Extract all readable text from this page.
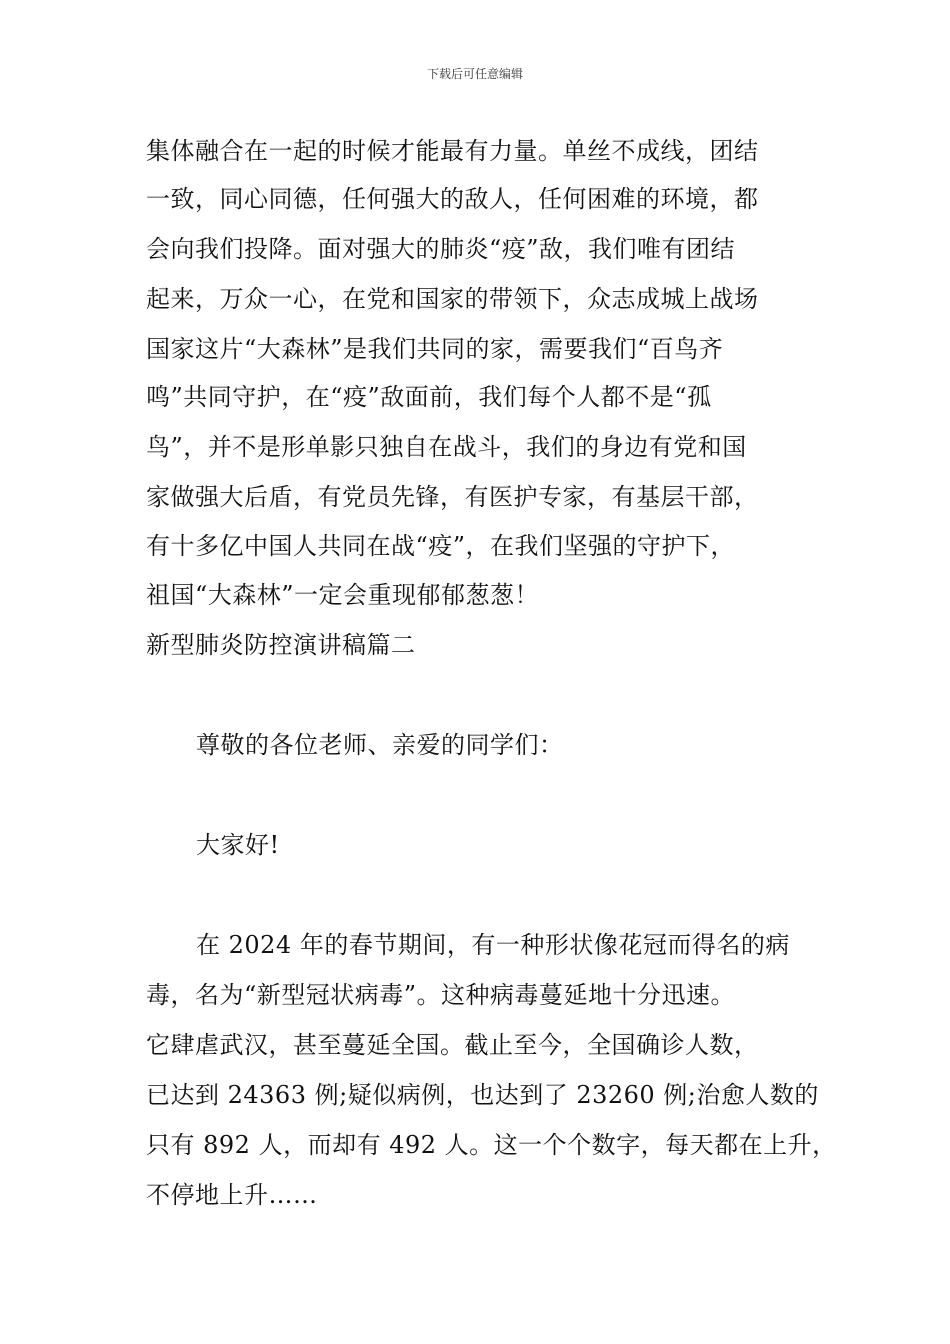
下载后可任意编辑
集体融合在一起的时候才能最有力量。单丝不成线，团结
一致，同心同德，任何强大的敌人，任何困难的环境，都
会向我们投降。面对强大的肺炎“疫”敌，我们唯有团结
起来，万众一心，在党和国家的带领下，众志成城上战场
国家这片“大森林”是我们共同的家，需要我们“百鸟齐
鸣”共同守护，在“疫”敌面前，我们每个人都不是“孤
鸟”，并不是形单影只独自在战斗，我们的身边有党和国
家做强大后盾，有党员先锋，有医护专家，有基层干部，
有十多亿中国人共同在战“疫”，在我们坚强的守护下，
祖国“大森林”一定会重现郁郁葱葱！
新型肺炎防控演讲稿篇二
尊敬的各位老师、亲爱的同学们：
大家好!
在 2024 年的春节期间，有一种形状像花冠而得名的病
毒，名为“新型冠状病毒”。这种病毒蔓延地十分迅速。
它肆虐武汉，甚至蔓延全国。截止至今，全国确诊人数，
已达到 24363 例;疑似病例，也达到了 23260 例;治愈人数的
只有 892 人，而却有 492 人。这一个个数字，每天都在上升，
不停地上升……
